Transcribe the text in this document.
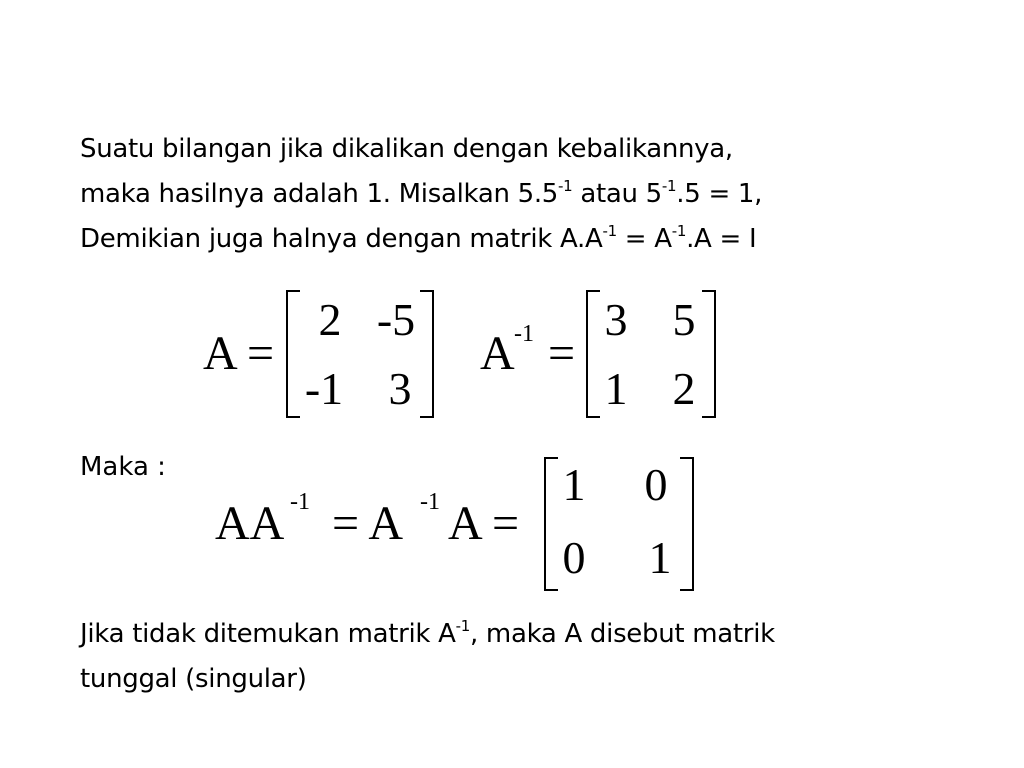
Suatu bilangan jika dikalikan dengan kebalikannya,
maka hasilnya adalah 1. Misalkan $5.5^{-1}$ atau $5^{-1}.5 = 1$,
Demikian juga halnya dengan matrik $A.A^{-1} = A^{-1}.A = I$
A =
2 -5
-1 3
A -1 =
3 5
1 2
Maka :
AA -1 = A -1 A =
1	0
0	1
Jika tidak ditemukan matrik $A^{-1}$, maka A disebut matrik
tunggal (singular)
